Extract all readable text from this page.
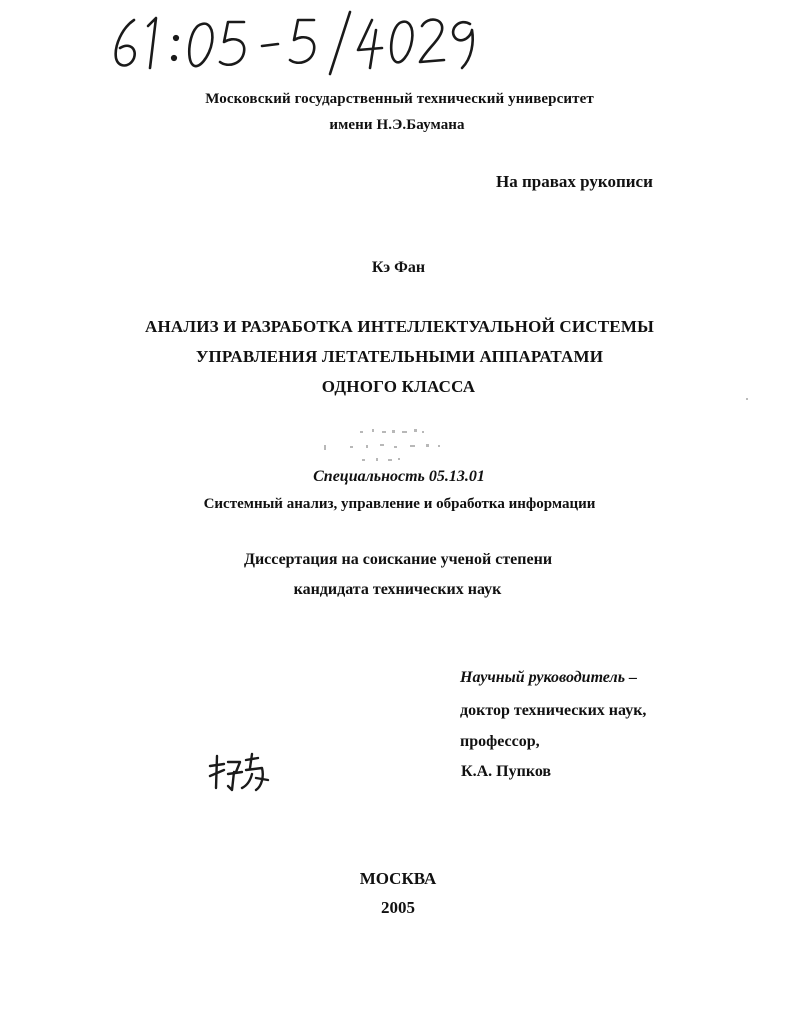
Московский государственный технический университет
имени Н.Э.Баумана
На правах рукописи
Кэ Фан
АНАЛИЗ И РАЗРАБОТКА ИНТЕЛЛЕКТУАЛЬНОЙ СИСТЕМЫ
УПРАВЛЕНИЯ ЛЕТАТЕЛЬНЫМИ АППАРАТАМИ
ОДНОГО КЛАССА
Специальность 05.13.01
Системный анализ, управление и обработка информации
Диссертация на соискание ученой степени
кандидата технических наук
Научный руководитель –
доктор технических наук,
профессор,
К.А. Пупков
МОСКВА
2005
